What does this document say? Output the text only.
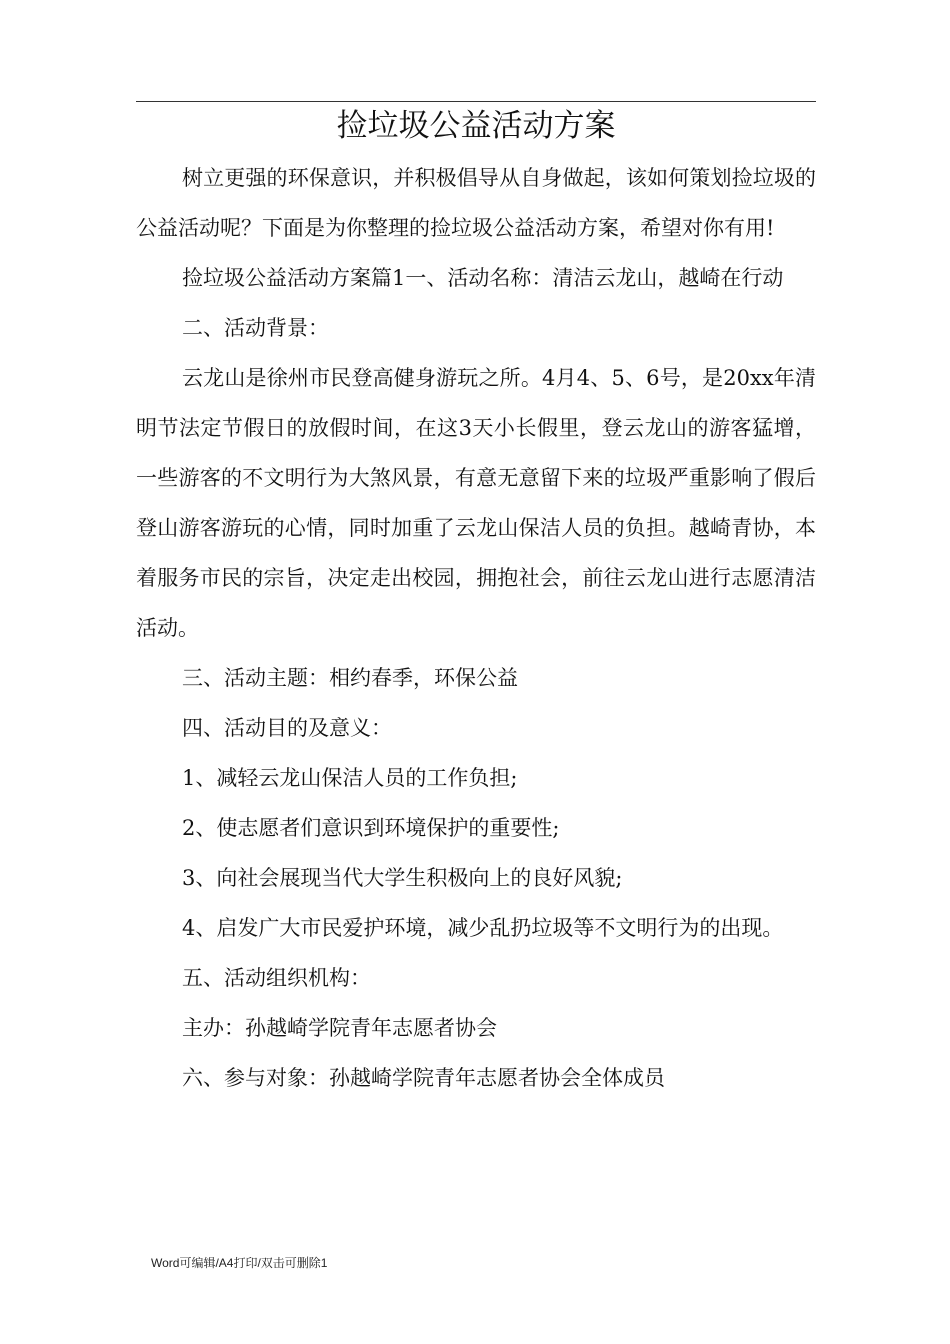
捡垃圾公益活动方案

树立更强的环保意识，并积极倡导从自身做起，该如何策划捡垃圾的公益活动呢？下面是为你整理的捡垃圾公益活动方案，希望对你有用!

捡垃圾公益活动方案篇1一、活动名称：清洁云龙山，越崎在行动

二、活动背景：

云龙山是徐州市民登高健身游玩之所。4月4、5、6号，是20xx年清明节法定节假日的放假时间，在这3天小长假里，登云龙山的游客猛增，一些游客的不文明行为大煞风景，有意无意留下来的垃圾严重影响了假后登山游客游玩的心情，同时加重了云龙山保洁人员的负担。越崎青协，本着服务市民的宗旨，决定走出校园，拥抱社会，前往云龙山进行志愿清洁活动。

三、活动主题：相约春季，环保公益

四、活动目的及意义：

1、减轻云龙山保洁人员的工作负担;

2、使志愿者们意识到环境保护的重要性;

3、向社会展现当代大学生积极向上的良好风貌;

4、启发广大市民爱护环境，减少乱扔垃圾等不文明行为的出现。

五、活动组织机构：

主办：孙越崎学院青年志愿者协会

六、参与对象：孙越崎学院青年志愿者协会全体成员

Word可编辑/A4打印/双击可删除1
